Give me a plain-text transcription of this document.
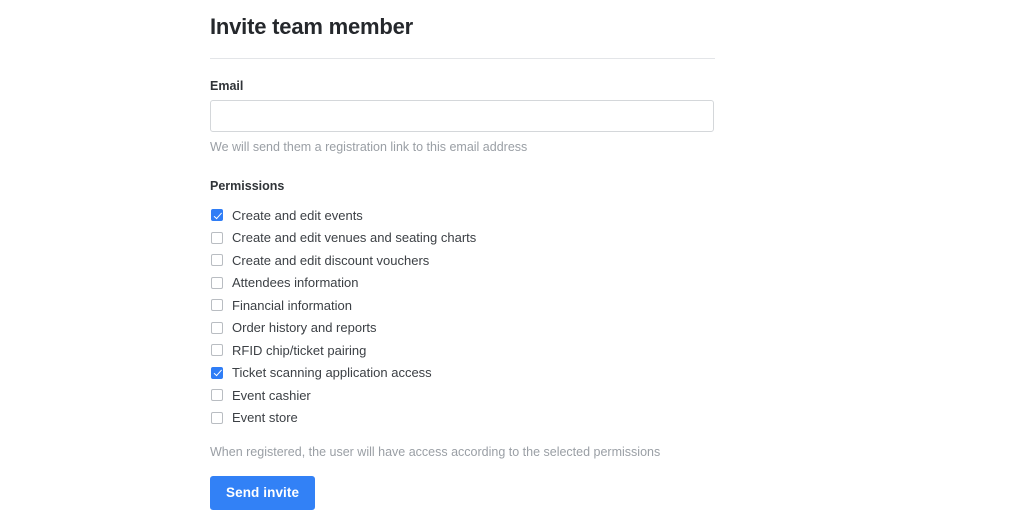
Invite team member
Email
We will send them a registration link to this email address
Permissions
Create and edit events
Create and edit venues and seating charts
Create and edit discount vouchers
Attendees information
Financial information
Order history and reports
RFID chip/ticket pairing
Ticket scanning application access
Event cashier
Event store
When registered, the user will have access according to the selected permissions
Send invite
